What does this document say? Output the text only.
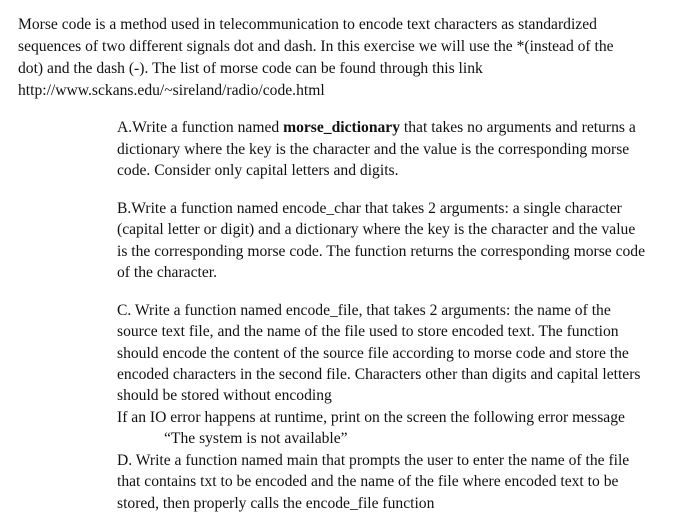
Morse code is a method used in telecommunication to encode text characters as standardized
sequences of two different signals dot and dash. In this exercise we will use the *(instead of the
dot) and the dash (-). The list of morse code can be found through this link
http://www.sckans.edu/~sireland/radio/code.html
A.Write a function named morse_dictionary that takes no arguments and returns a
dictionary where the key is the character and the value is the corresponding morse
code. Consider only capital letters and digits.
B.Write a function named encode_char that takes 2 arguments: a single character
(capital letter or digit) and a dictionary where the key is the character and the value
is the corresponding morse code. The function returns the corresponding morse code
of the character.
C. Write a function named encode_file, that takes 2 arguments: the name of the
source text file, and the name of the file used to store encoded text. The function
should encode the content of the source file according to morse code and store the
encoded characters in the second file. Characters other than digits and capital letters
should be stored without encoding
If an IO error happens at runtime, print on the screen the following error message
“The system is not available”
D. Write a function named main that prompts the user to enter the name of the file
that contains txt to be encoded and the name of the file where encoded text to be
stored, then properly calls the encode_file function
